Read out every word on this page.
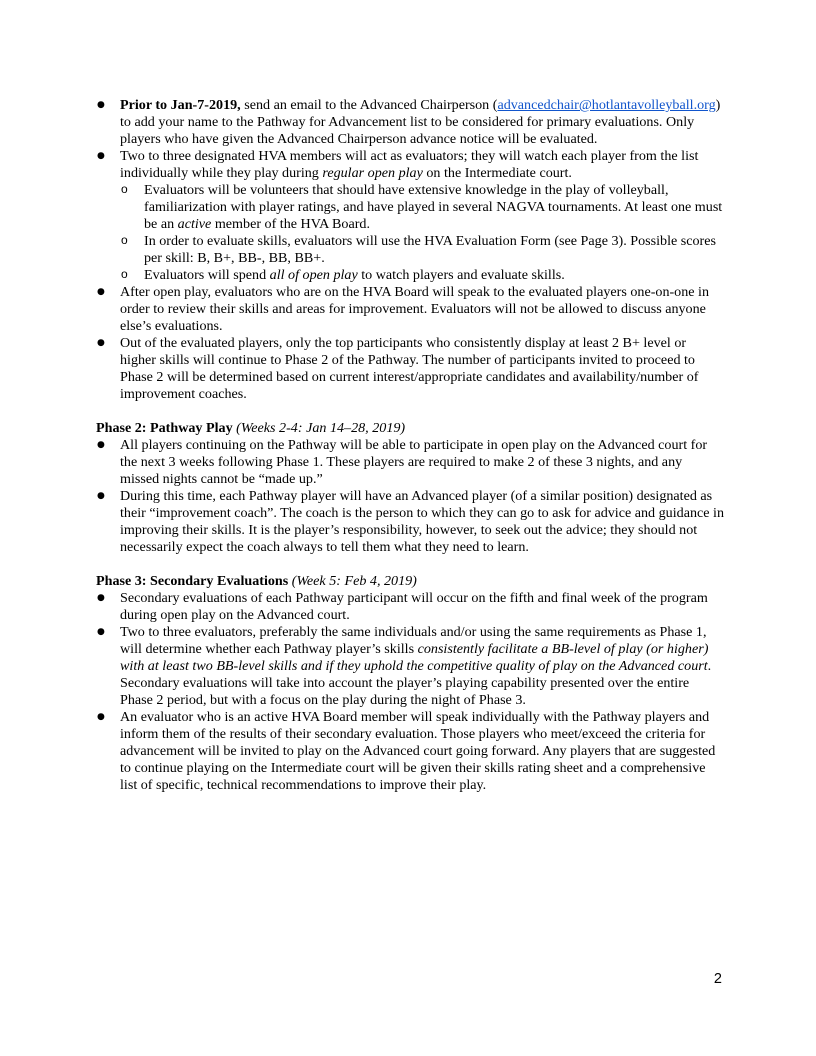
● Prior to Jan-7-2019, send an email to the Advanced Chairperson (advancedchair@hotlantavolleyball.org) to add your name to the Pathway for Advancement list to be considered for primary evaluations. Only players who have given the Advanced Chairperson advance notice will be evaluated.
● Two to three designated HVA members will act as evaluators; they will watch each player from the list individually while they play during regular open play on the Intermediate court.
o Evaluators will be volunteers that should have extensive knowledge in the play of volleyball, familiarization with player ratings, and have played in several NAGVA tournaments. At least one must be an active member of the HVA Board.
o In order to evaluate skills, evaluators will use the HVA Evaluation Form (see Page 3). Possible scores per skill: B, B+, BB-, BB, BB+.
o Evaluators will spend all of open play to watch players and evaluate skills.
● After open play, evaluators who are on the HVA Board will speak to the evaluated players one-on-one in order to review their skills and areas for improvement. Evaluators will not be allowed to discuss anyone else’s evaluations.
● Out of the evaluated players, only the top participants who consistently display at least 2 B+ level or higher skills will continue to Phase 2 of the Pathway. The number of participants invited to proceed to Phase 2 will be determined based on current interest/appropriate candidates and availability/number of improvement coaches.
Phase 2: Pathway Play (Weeks 2-4: Jan 14–28, 2019)
● All players continuing on the Pathway will be able to participate in open play on the Advanced court for the next 3 weeks following Phase 1. These players are required to make 2 of these 3 nights, and any missed nights cannot be “made up.”
● During this time, each Pathway player will have an Advanced player (of a similar position) designated as their “improvement coach”. The coach is the person to which they can go to ask for advice and guidance in improving their skills. It is the player’s responsibility, however, to seek out the advice; they should not necessarily expect the coach always to tell them what they need to learn.
Phase 3: Secondary Evaluations (Week 5: Feb 4, 2019)
● Secondary evaluations of each Pathway participant will occur on the fifth and final week of the program during open play on the Advanced court.
● Two to three evaluators, preferably the same individuals and/or using the same requirements as Phase 1, will determine whether each Pathway player’s skills consistently facilitate a BB-level of play (or higher) with at least two BB-level skills and if they uphold the competitive quality of play on the Advanced court. Secondary evaluations will take into account the player’s playing capability presented over the entire Phase 2 period, but with a focus on the play during the night of Phase 3.
● An evaluator who is an active HVA Board member will speak individually with the Pathway players and inform them of the results of their secondary evaluation. Those players who meet/exceed the criteria for advancement will be invited to play on the Advanced court going forward. Any players that are suggested to continue playing on the Intermediate court will be given their skills rating sheet and a comprehensive list of specific, technical recommendations to improve their play.
2
